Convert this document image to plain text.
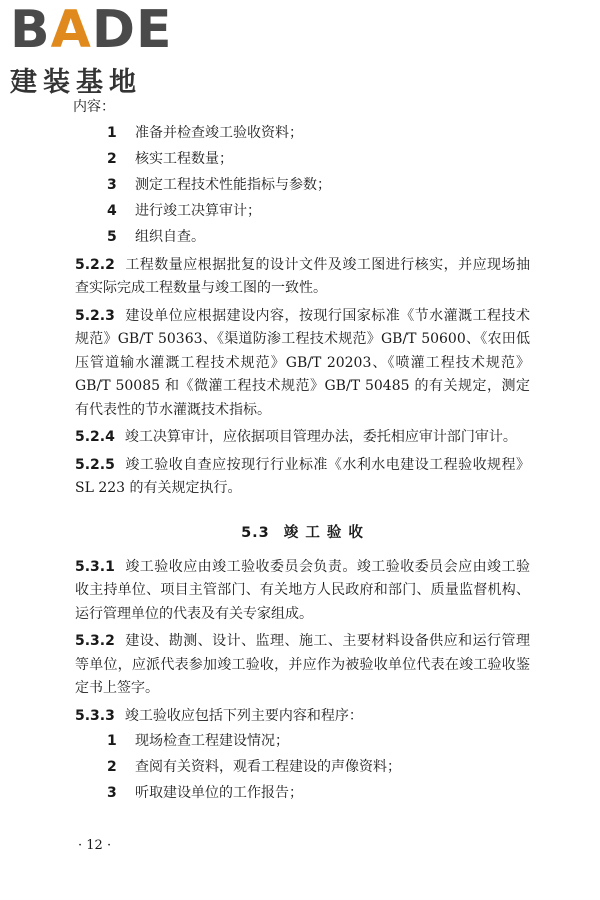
BADE
建装基地

内容：

1 准备并检查竣工验收资料；
2 核实工程数量；
3 测定工程技术性能指标与参数；
4 进行竣工决算审计；
5 组织自查。
5.2.2 工程数量应根据批复的设计文件及竣工图进行核实，并应现场抽查实际完成工程数量与竣工图的一致性。
5.2.3 建设单位应根据建设内容，按现行国家标准《节水灌溉工程技术规范》GB/T 50363、《渠道防渗工程技术规范》GB/T 50600、《农田低压管道输水灌溉工程技术规范》GB/T 20203、《喷灌工程技术规范》GB/T 50085 和《微灌工程技术规范》GB/T 50485 的有关规定，测定有代表性的节水灌溉技术指标。
5.2.4 竣工决算审计，应依据项目管理办法，委托相应审计部门审计。
5.2.5 竣工验收自查应按现行行业标准《水利水电建设工程验收规程》SL 223 的有关规定执行。
5.3 竣 工 验 收
5.3.1 竣工验收应由竣工验收委员会负责。竣工验收委员会应由竣工验收主持单位、项目主管部门、有关地方人民政府和部门、质量监督机构、运行管理单位的代表及有关专家组成。
5.3.2 建设、勘测、设计、监理、施工、主要材料设备供应和运行管理等单位，应派代表参加竣工验收，并应作为被验收单位代表在竣工验收鉴定书上签字。
5.3.3 竣工验收应包括下列主要内容和程序：
1 现场检查工程建设情况；
2 查阅有关资料，观看工程建设的声像资料；
3 听取建设单位的工作报告；
· 12 ·
